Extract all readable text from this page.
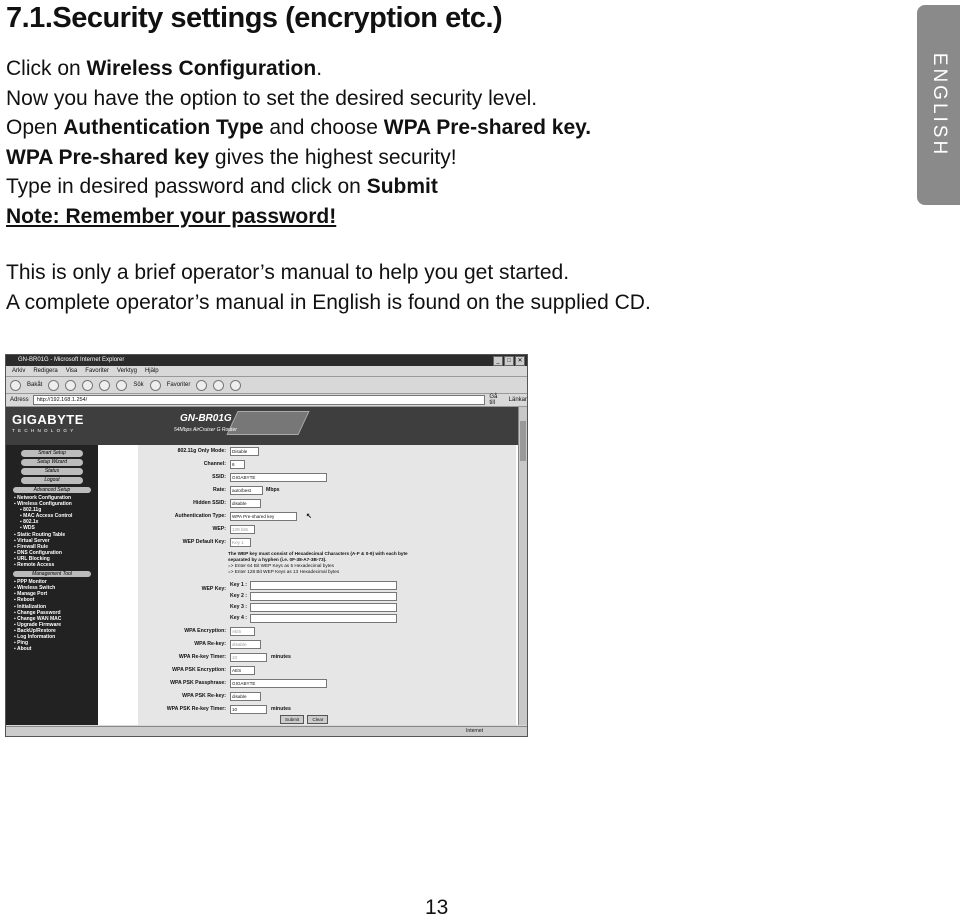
7.1.Security settings (encryption etc.)
Click on Wireless Configuration.
Now you have the option to set the desired security level.
Open Authentication Type and choose WPA Pre-shared key.
WPA Pre-shared key gives the highest security!
Type in desired password and click on Submit
Note: Remember your password!
ENGLISH
This is only a brief operator’s manual to help you get started.
A complete operator’s manual in English is found on the supplied CD.
GN-BR01G - Microsoft Internet Explorer	_	□	✕
Arkiv Redigera Visa Favoriter Verktyg Hjälp
Bakåt	Sök	Favoriter
Adress	http://192.168.1.254/	Gå till	Länkar
GIGABYTE
TECHNOLOGY
GN-BR01G
54Mbps AirCruiser G Router
Smart Setup
Setup Wizard
Status
Logout
Advanced Setup
▪ Network Configuration
▪ Wireless Configuration
▪ 802.11g
▪ MAC Access Control
▪ 802.1x
▪ WDS
▪ Static Routing Table
▪ Virtual Server
▪ Firewall Rule
▪ DNS Configuration
▪ URL Blocking
▪ Remote Access
Management Tool
▪ PPP Monitor
▪ Wireless Switch
▪ Manage Port
▪ Reboot
▪ Initialization
▪ Change Password
▪ Change WAN MAC
▪ Upgrade Firmware
▪ BackUp/Restore
▪ Log Information
▪ Ping
▪ About
802.11g Only Mode:	Disable
Channel:	6
SSID:	GIGABYTE
Rate:	auto/best	Mbps
Hidden SSID:	disable
Authentication Type:	WPA Pre-shared key	↖
WEP:	128 bits
WEP Default Key:	Key 1
The WEP key must consist of Hexadecimal Characters (A-F & 0-9) with each byte
separated by a hyphen (i.e. 0F-38-A7-3B-73).
=> Enter 64 Bit WEP Keys as 5 Hexadecimal bytes
=> Enter 128 Bit WEP Keys as 13 Hexadecimal bytes
WEP Key:
Key 1 :
Key 2 :
Key 3 :
Key 4 :
WPA Encryption:	AES
WPA Re-key:	disable
WPA Re-key Timer:	10	minutes
WPA PSK Encryption:	AES
WPA PSK Passphrase:	GIGABYTE
WPA PSK Re-key:	disable
WPA PSK Re-key Timer:	10	minutes
Submit	Clear
Internet
13
